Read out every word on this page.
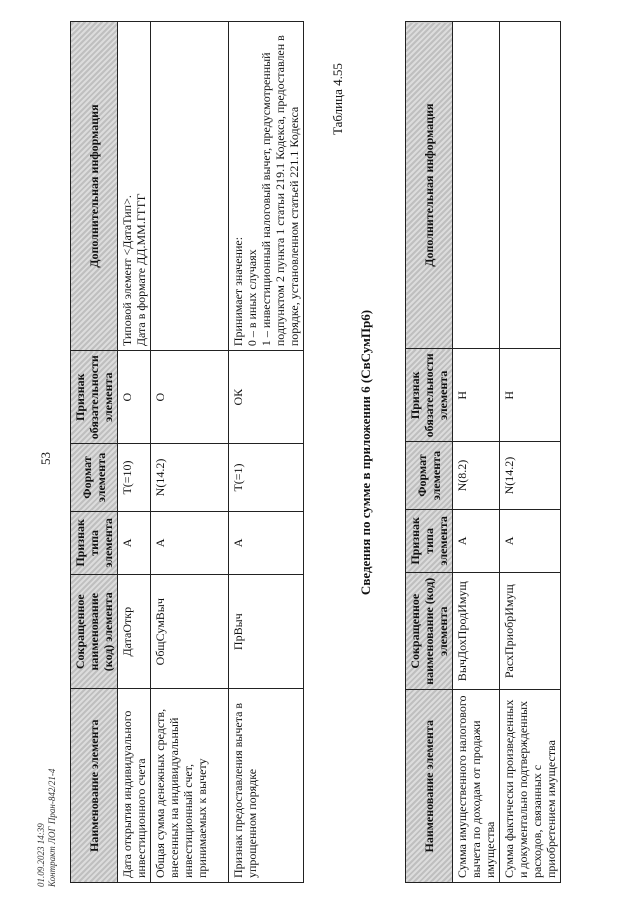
01.09.2023 14:39 Контракт ЛОГ Пран-842/21-4
53
Наименование элемента	Сокращенное наименование (код) элемента	Признак типа элемента	Формат элемента	Признак обязательности элемента	Дополнительная информация
Дата открытия индивидуального инвестиционного счета	ДатаОткр	А	T(=10)	О	Типовой элемент <ДатаТип>. Дата в формате ДД.ММ.ГГГГ

Общая сумма денежных средств, внесенных на индивидуальный инвестиционный счет, принимаемых к вычету	ОбщСумВыч	А	N(14.2)	О	
Признак предоставления вычета в упрощенном порядке	ПрВыч	А	T(=1)	ОК	Принимает значение: 0 – в иных случаях 1 – инвестиционный налоговый вычет, предусмотренный подпунктом 2 пункта 1 статьи 219.1 Кодекса, предоставлен в порядке, установленном статьей 221.1 Кодекса
Таблица 4.55
Сведения по сумме в приложении 6 (СвСумПр6)
Наименование элемента	Сокращенное наименование (код) элемента	Признак типа элемента	Формат элемента	Признак обязательности элемента	Дополнительная информация
Сумма имущественного налогового вычета по доходам от продажи имущества	ВычДохПродИмущ	А	N(8.2)	Н	
Сумма фактически произведенных и документально подтвержденных расходов, связанных с приобретением имущества	РасхПриобрИмущ	А	N(14.2)	Н	
